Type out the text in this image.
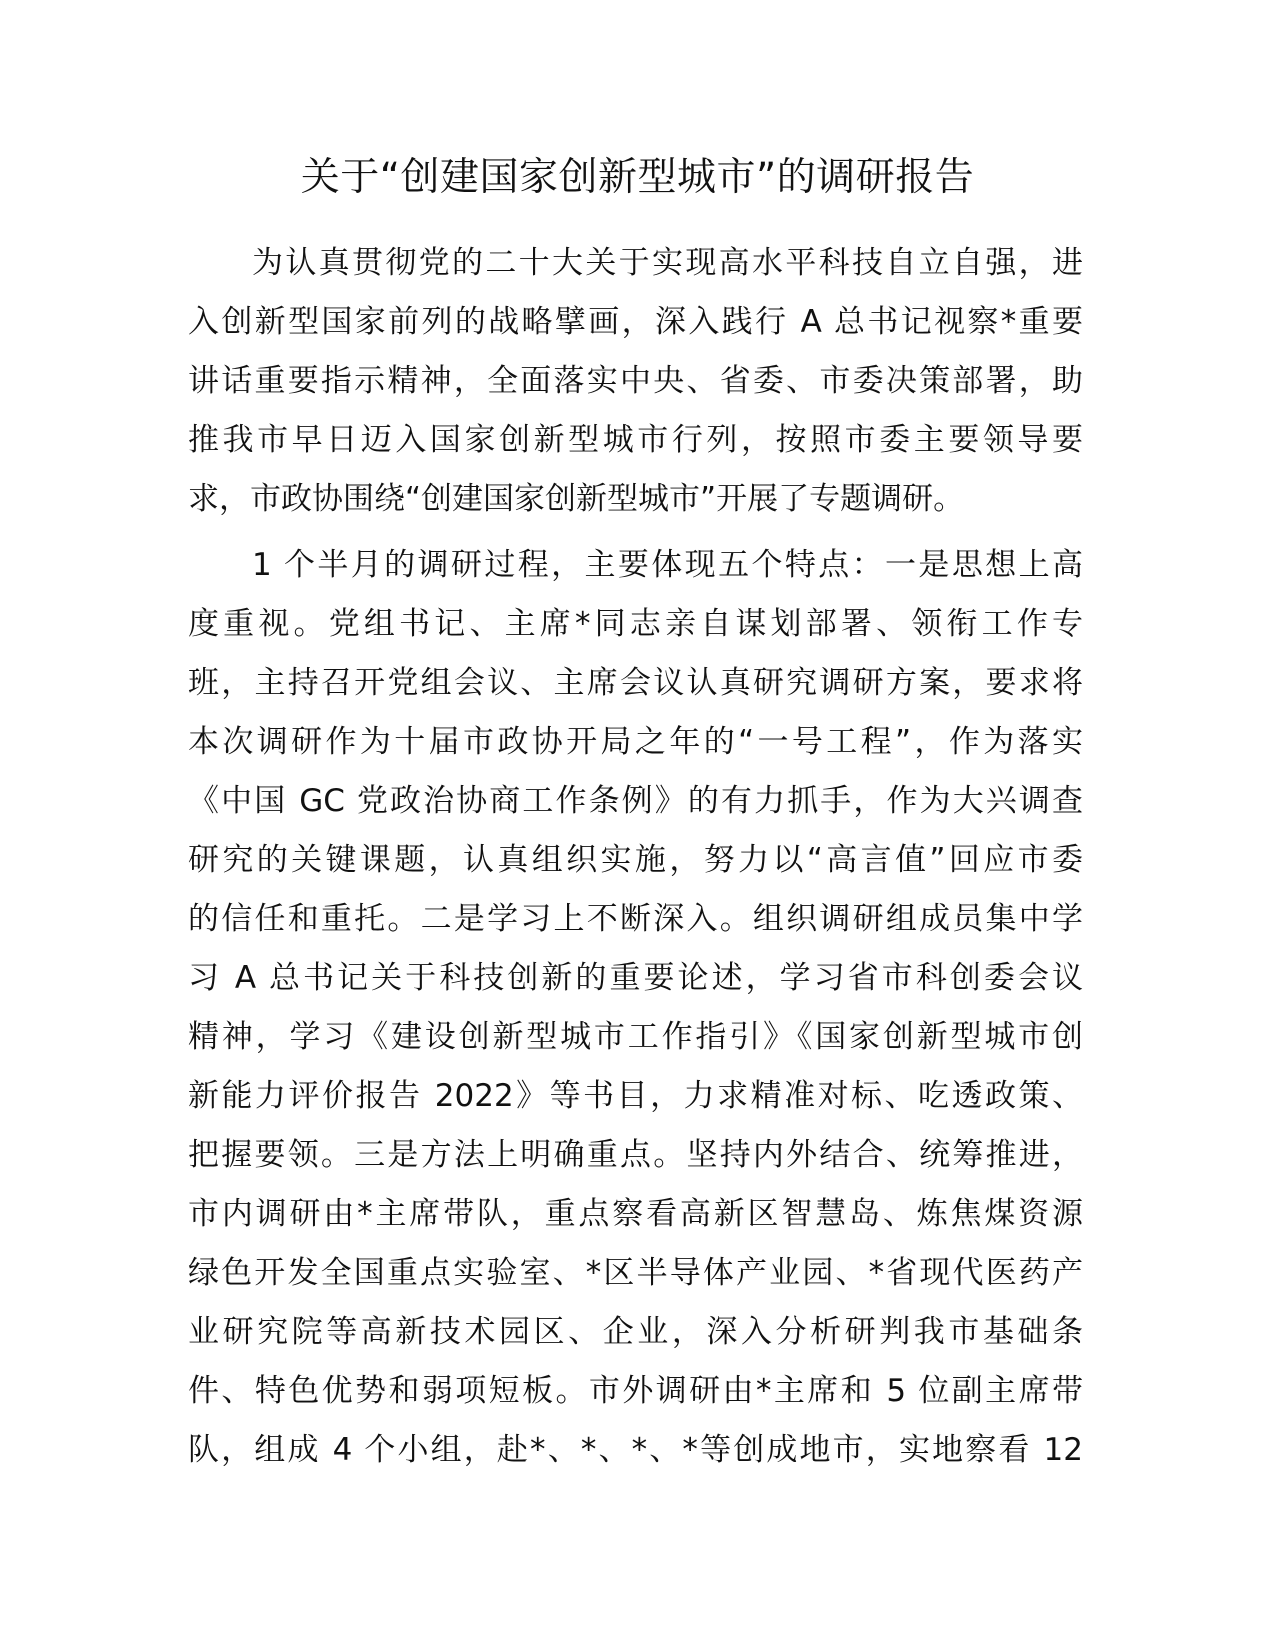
关于“创建国家创新型城市”的调研报告
为认真贯彻党的二十大关于实现高水平科技自立自强，进
入创新型国家前列的战略擘画，深入践行 A 总书记视察*重要
讲话重要指示精神，全面落实中央、省委、市委决策部署，助
推我市早日迈入国家创新型城市行列，按照市委主要领导要
求，市政协围绕“创建国家创新型城市”开展了专题调研。
1 个半月的调研过程，主要体现五个特点：一是思想上高
度重视。党组书记、主席*同志亲自谋划部署、领衔工作专
班，主持召开党组会议、主席会议认真研究调研方案，要求将
本次调研作为十届市政协开局之年的“一号工程”，作为落实
《中国 GC 党政治协商工作条例》的有力抓手，作为大兴调查
研究的关键课题，认真组织实施，努力以“高言值”回应市委
的信任和重托。二是学习上不断深入。组织调研组成员集中学
习 A 总书记关于科技创新的重要论述，学习省市科创委会议
精神，学习《建设创新型城市工作指引》《国家创新型城市创
新能力评价报告 2022》等书目，力求精准对标、吃透政策、
把握要领。三是方法上明确重点。坚持内外结合、统筹推进，
市内调研由*主席带队，重点察看高新区智慧岛、炼焦煤资源
绿色开发全国重点实验室、*区半导体产业园、*省现代医药产
业研究院等高新技术园区、企业，深入分析研判我市基础条
件、特色优势和弱项短板。市外调研由*主席和 5 位副主席带
队，组成 4 个小组，赴*、*、*、*等创成地市，实地察看 12
